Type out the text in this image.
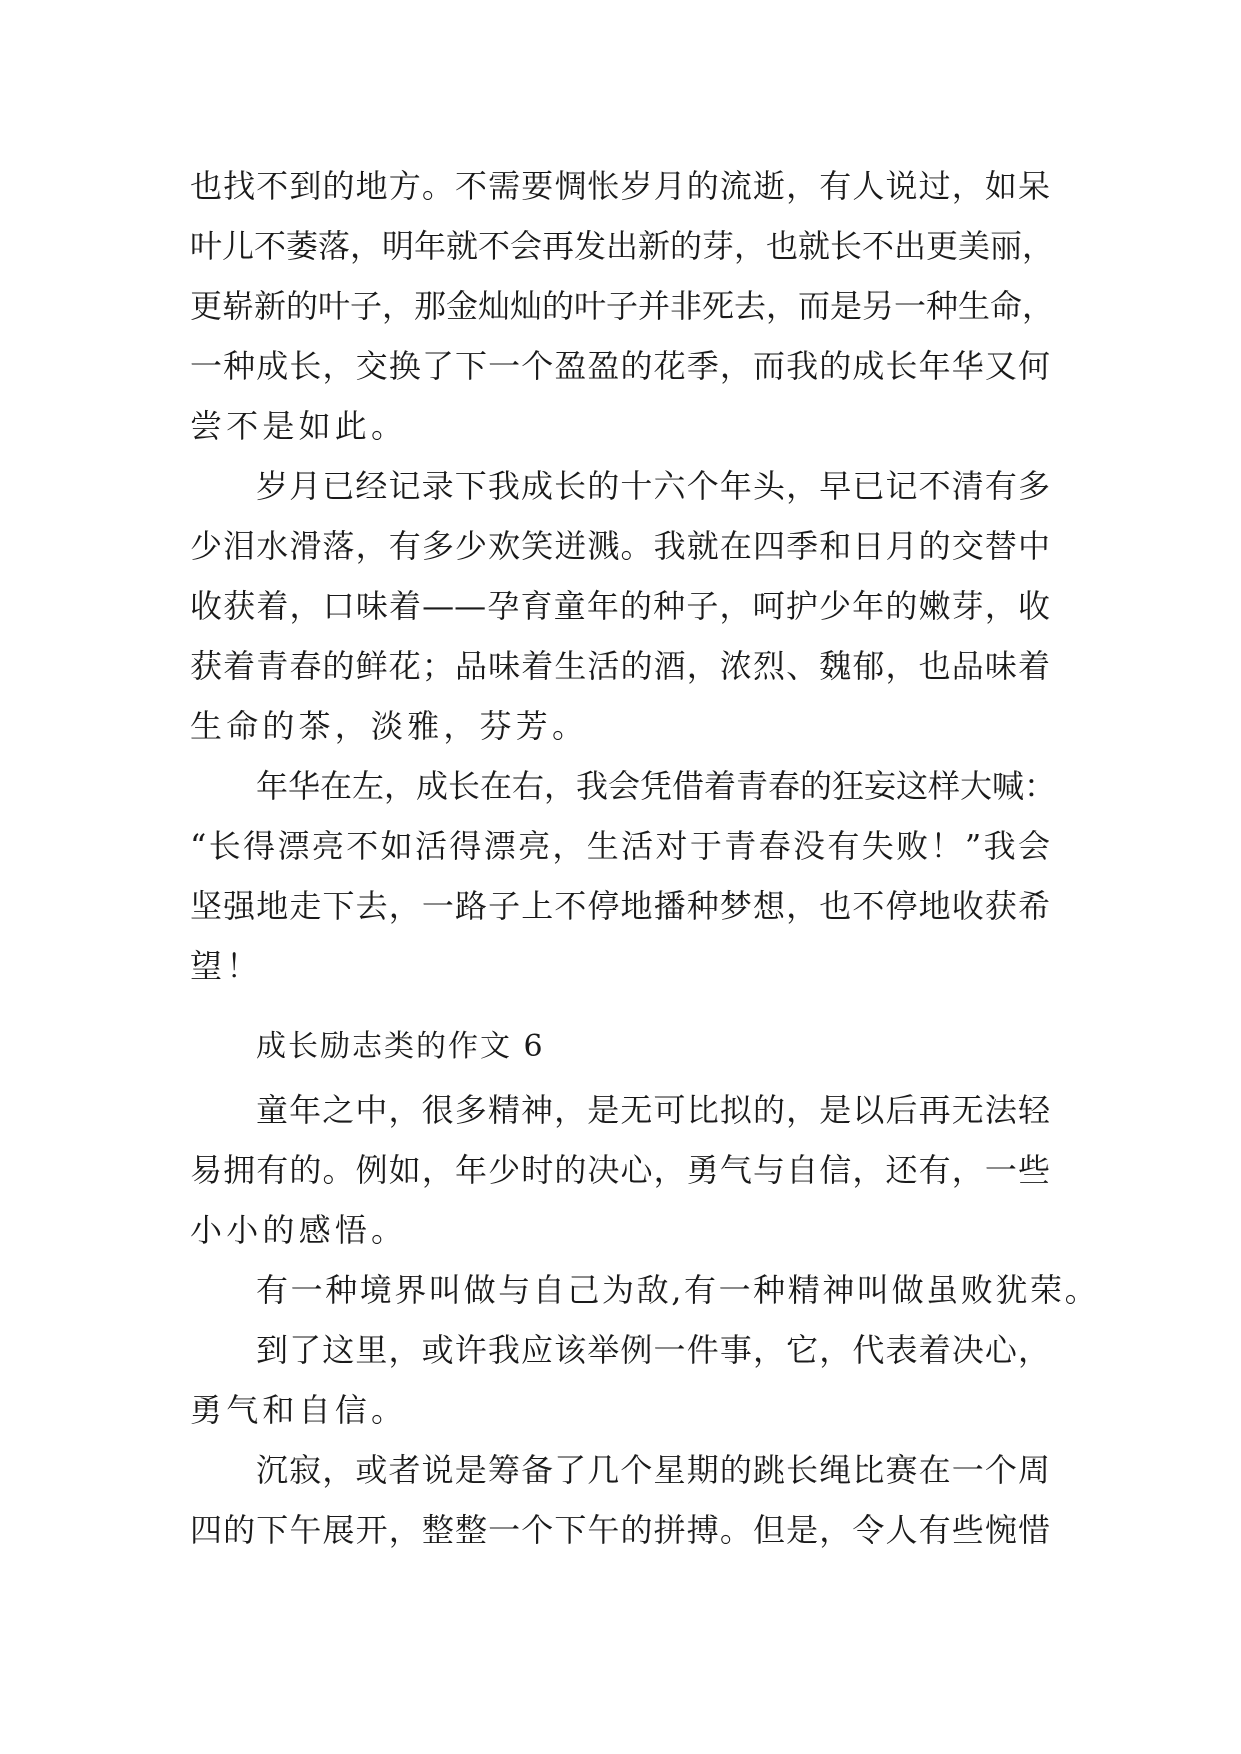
也找不到的地方。不需要惆怅岁月的流逝，有人说过，如呆
叶儿不萎落，明年就不会再发出新的芽，也就长不出更美丽，
更崭新的叶子，那金灿灿的叶子并非死去，而是另一种生命，
一种成长，交换了下一个盈盈的花季，而我的成长年华又何
尝不是如此。
岁月已经记录下我成长的十六个年头，早已记不清有多
少泪水滑落，有多少欢笑迸溅。我就在四季和日月的交替中
收获着，口味着——孕育童年的种子，呵护少年的嫩芽，收
获着青春的鲜花；品味着生活的酒，浓烈、魏郁，也品味着
生命的茶，淡雅，芬芳。
年华在左，成长在右，我会凭借着青春的狂妄这样大喊：
“长得漂亮不如活得漂亮，生活对于青春没有失败！”我会
坚强地走下去，一路子上不停地播种梦想，也不停地收获希
望！
成长励志类的作文 6
童年之中，很多精神，是无可比拟的，是以后再无法轻
易拥有的。例如，年少时的决心，勇气与自信，还有，一些
小小的感悟。
有一种境界叫做与自己为敌,有一种精神叫做虽败犹荣。
到了这里，或许我应该举例一件事，它，代表着决心，
勇气和自信。
沉寂，或者说是筹备了几个星期的跳长绳比赛在一个周
四的下午展开，整整一个下午的拼搏。但是，令人有些惋惜
